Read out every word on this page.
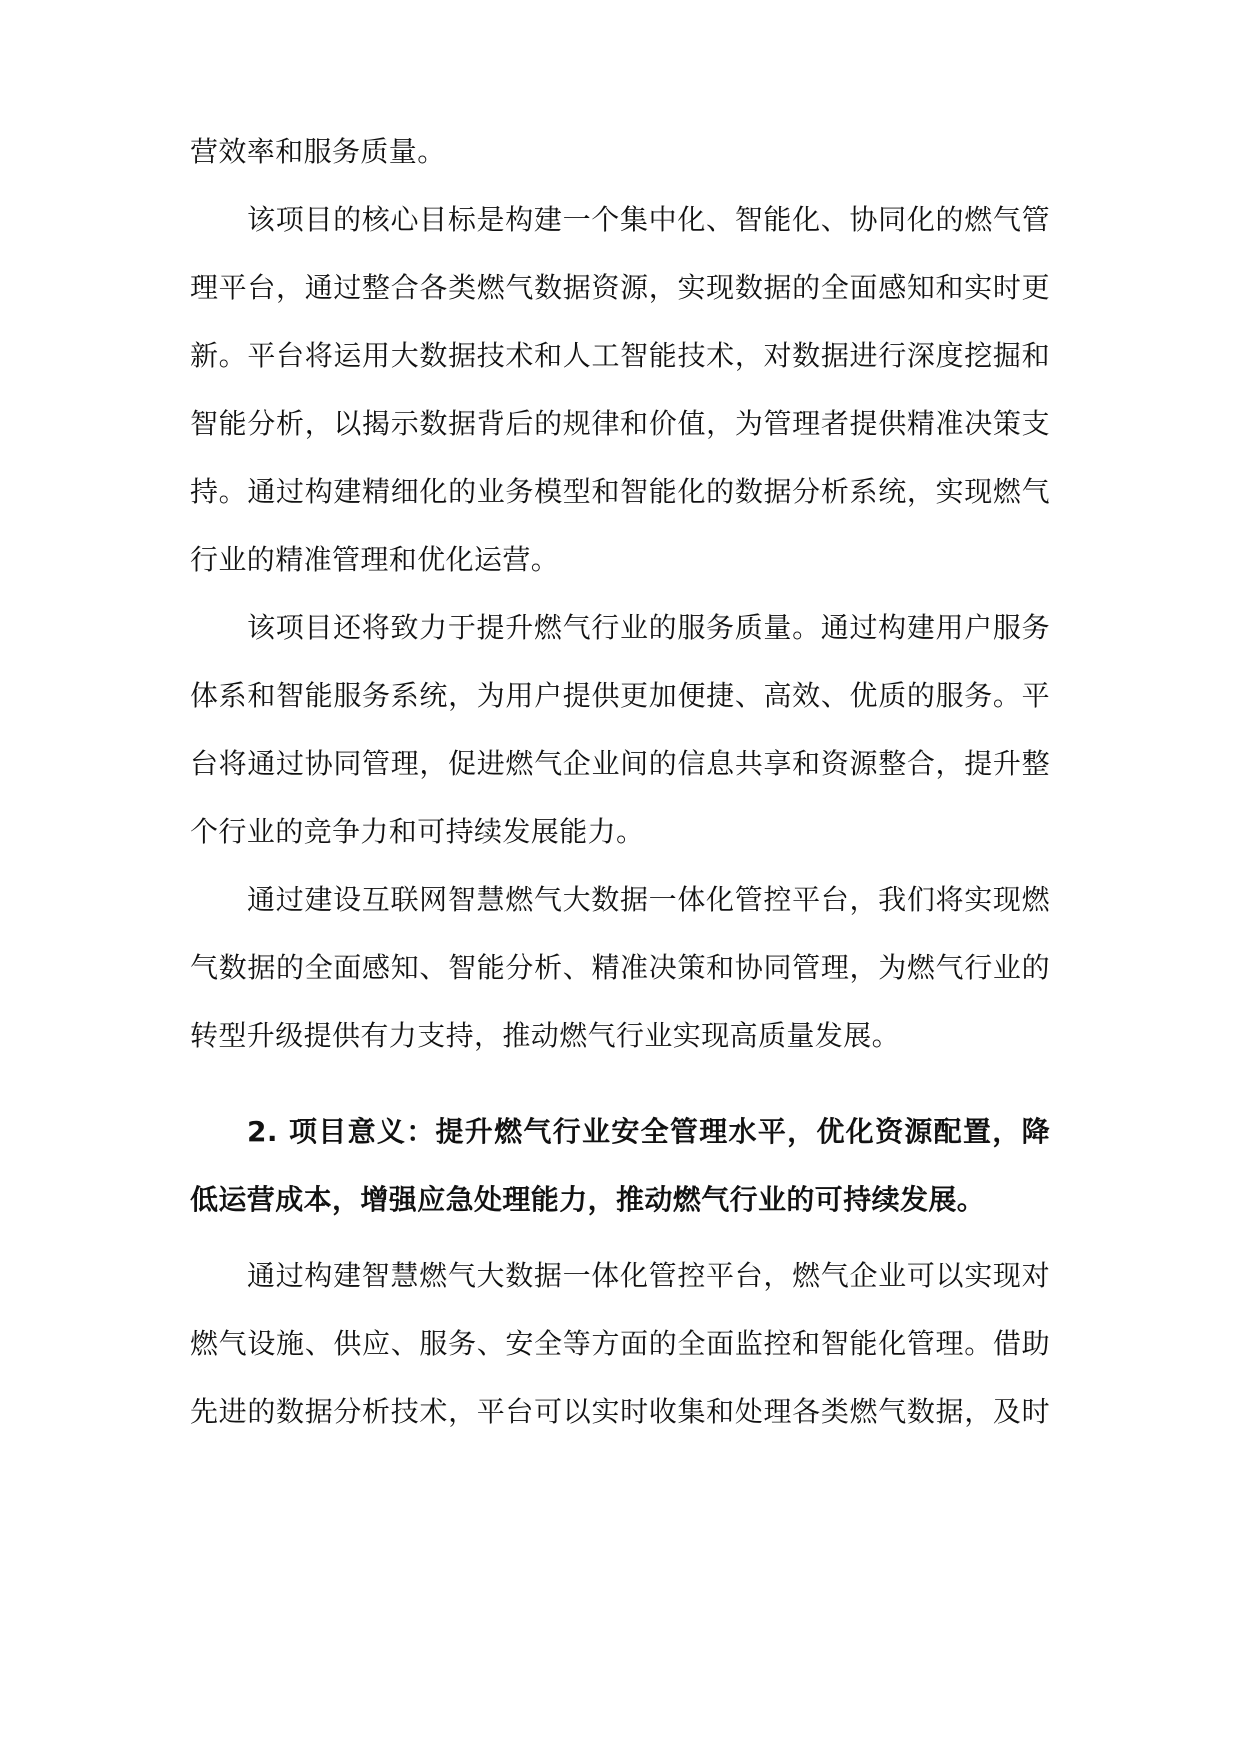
营效率和服务质量。
该项目的核心目标是构建一个集中化、智能化、协同化的燃气管
理平台，通过整合各类燃气数据资源，实现数据的全面感知和实时更
新。平台将运用大数据技术和人工智能技术，对数据进行深度挖掘和
智能分析，以揭示数据背后的规律和价值，为管理者提供精准决策支
持。通过构建精细化的业务模型和智能化的数据分析系统，实现燃气
行业的精准管理和优化运营。
该项目还将致力于提升燃气行业的服务质量。通过构建用户服务
体系和智能服务系统，为用户提供更加便捷、高效、优质的服务。平
台将通过协同管理，促进燃气企业间的信息共享和资源整合，提升整
个行业的竞争力和可持续发展能力。
通过建设互联网智慧燃气大数据一体化管控平台，我们将实现燃
气数据的全面感知、智能分析、精准决策和协同管理，为燃气行业的
转型升级提供有力支持，推动燃气行业实现高质量发展。
2. 项目意义：提升燃气行业安全管理水平，优化资源配置，降
低运营成本，增强应急处理能力，推动燃气行业的可持续发展。
通过构建智慧燃气大数据一体化管控平台，燃气企业可以实现对
燃气设施、供应、服务、安全等方面的全面监控和智能化管理。借助
先进的数据分析技术，平台可以实时收集和处理各类燃气数据，及时
